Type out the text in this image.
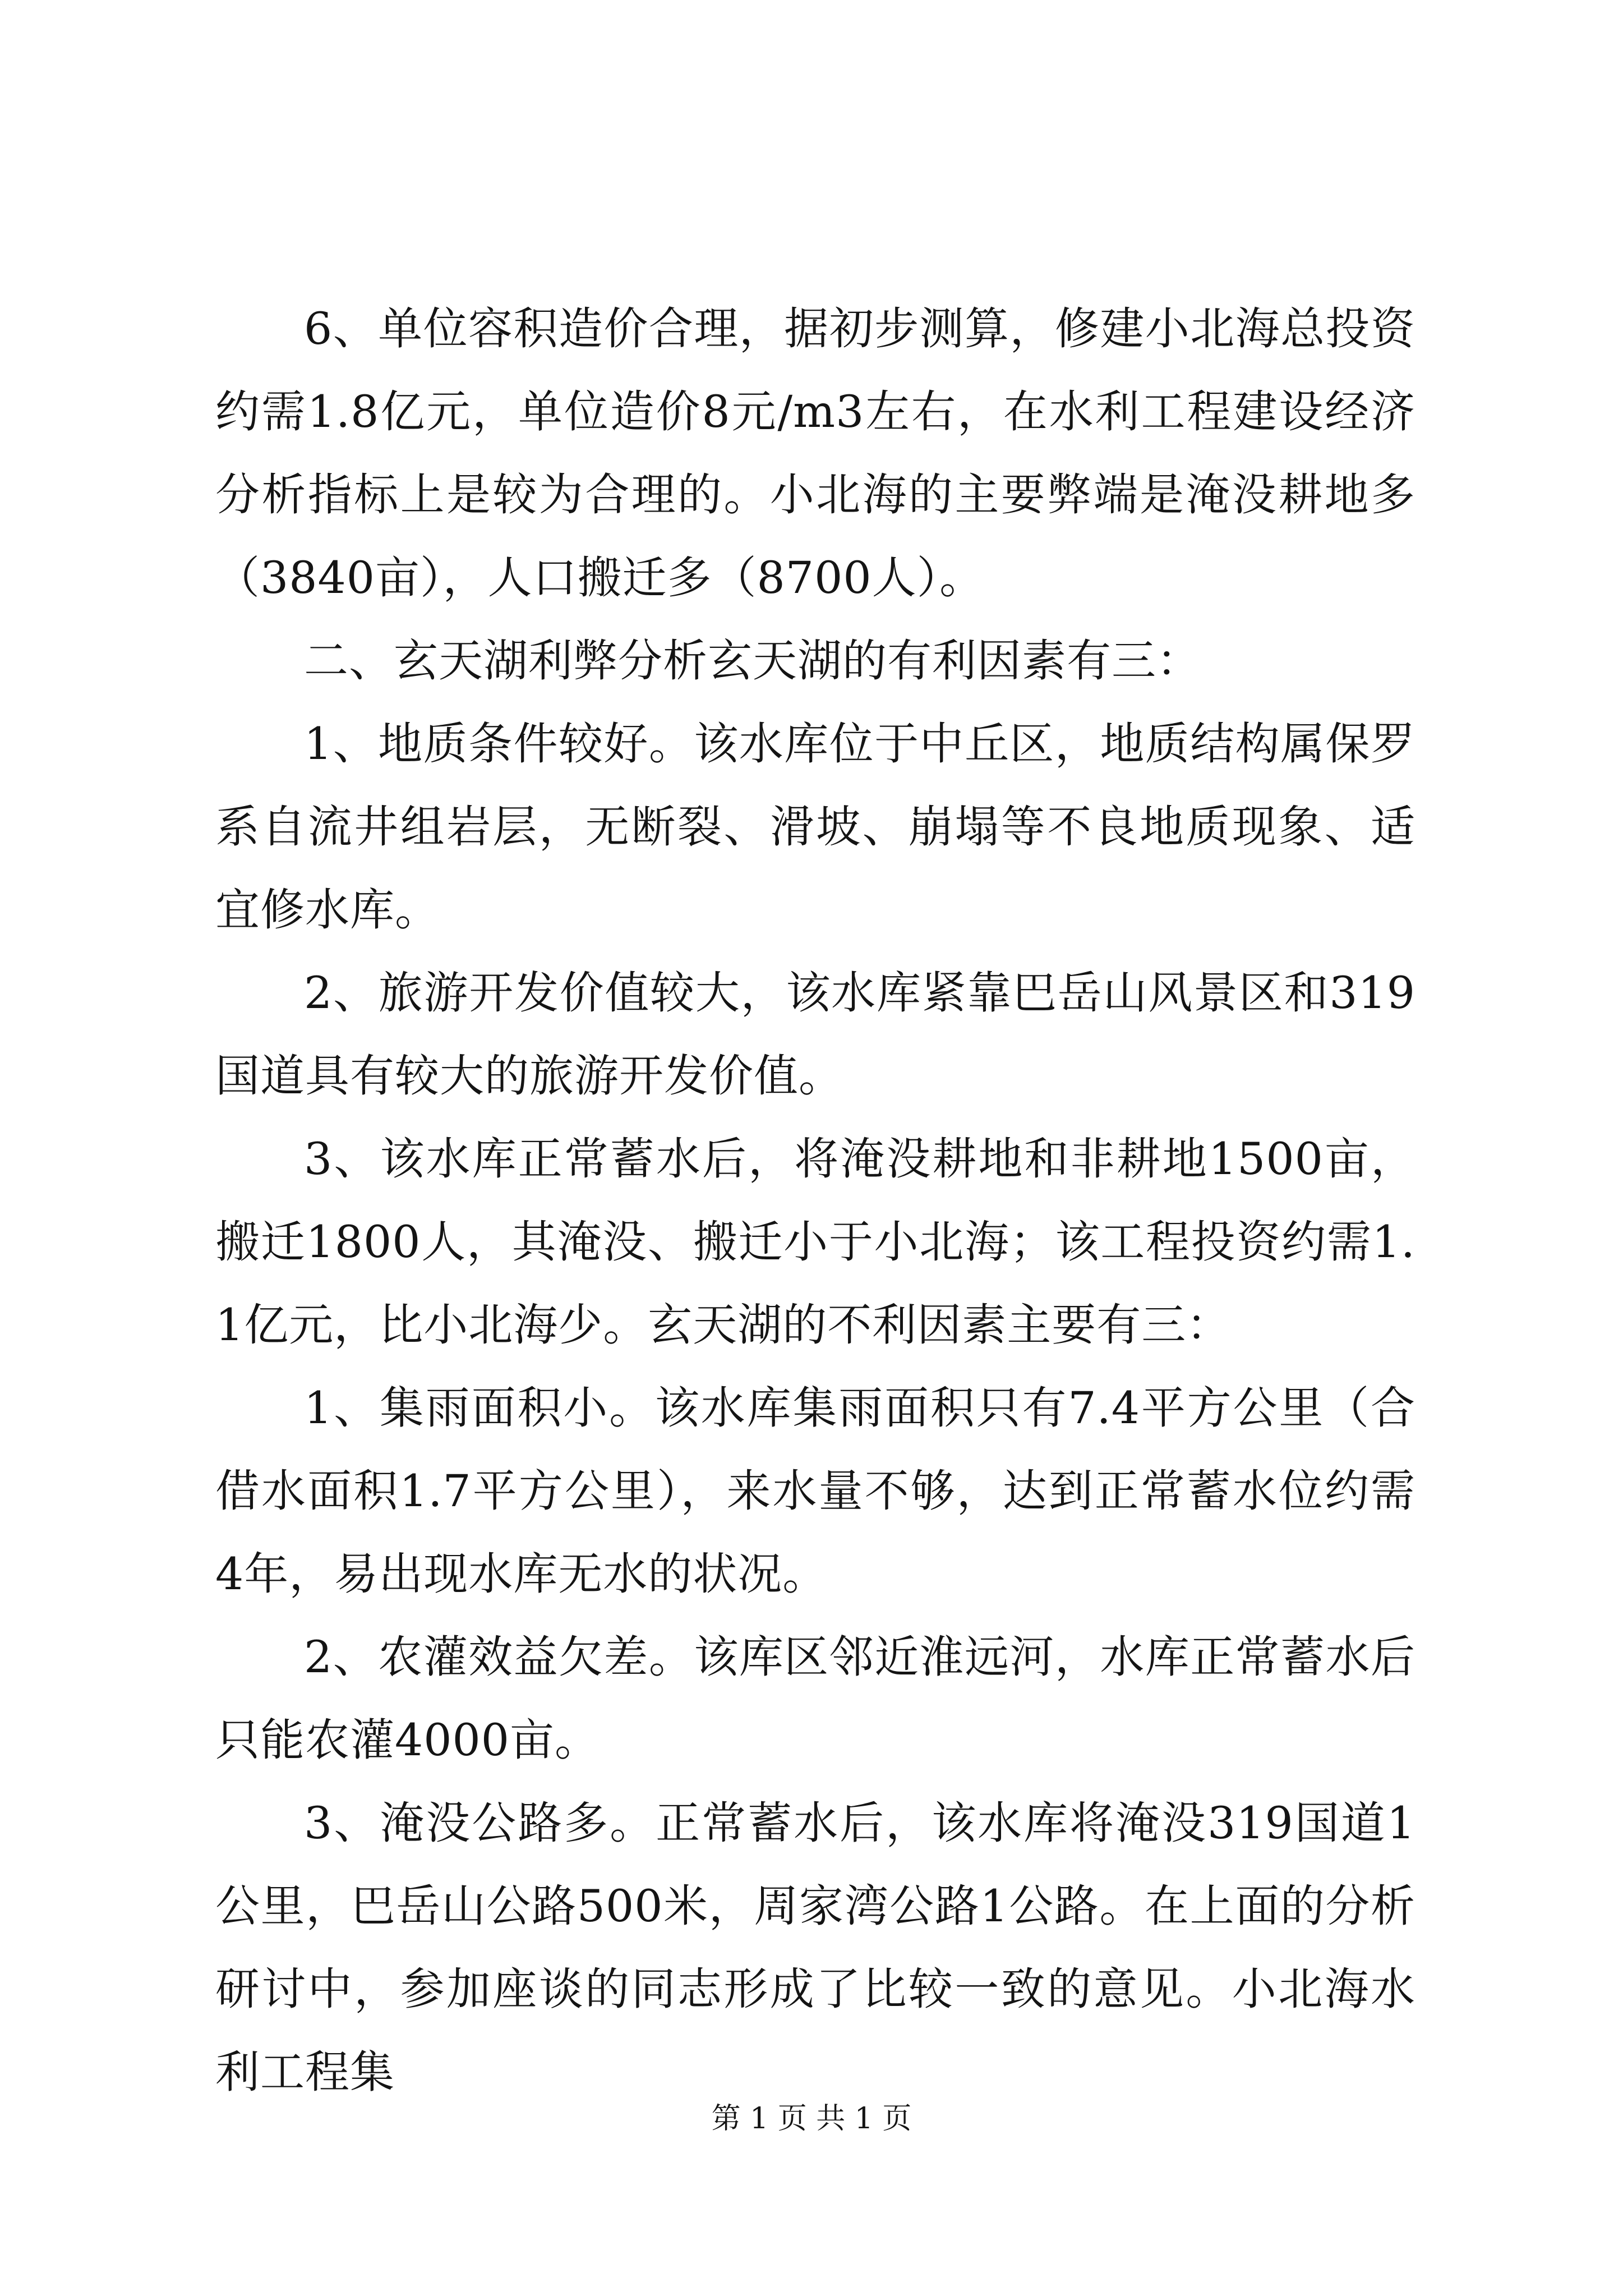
6、单位容积造价合理，据初步测算，修建小北海总投资约需1.8亿元，单位造价8元/m3左右，在水利工程建设经济分析指标上是较为合理的。小北海的主要弊端是淹没耕地多（3840亩），人口搬迁多（8700人）。

二、玄天湖利弊分析玄天湖的有利因素有三：

1、地质条件较好。该水库位于中丘区，地质结构属保罗系自流井组岩层，无断裂、滑坡、崩塌等不良地质现象、适宜修水库。

2、旅游开发价值较大，该水库紧靠巴岳山风景区和319国道具有较大的旅游开发价值。

3、该水库正常蓄水后，将淹没耕地和非耕地1500亩，搬迁1800人，其淹没、搬迁小于小北海；该工程投资约需1.1亿元，比小北海少。玄天湖的不利因素主要有三：

1、集雨面积小。该水库集雨面积只有7.4平方公里（合借水面积1.7平方公里），来水量不够，达到正常蓄水位约需4年，易出现水库无水的状况。

2、农灌效益欠差。该库区邻近淮远河，水库正常蓄水后只能农灌4000亩。

3、淹没公路多。正常蓄水后，该水库将淹没319国道1公里，巴岳山公路500米，周家湾公路1公路。在上面的分析研讨中，参加座谈的同志形成了比较一致的意见。小北海水利工程集

第 1 页 共 1 页
